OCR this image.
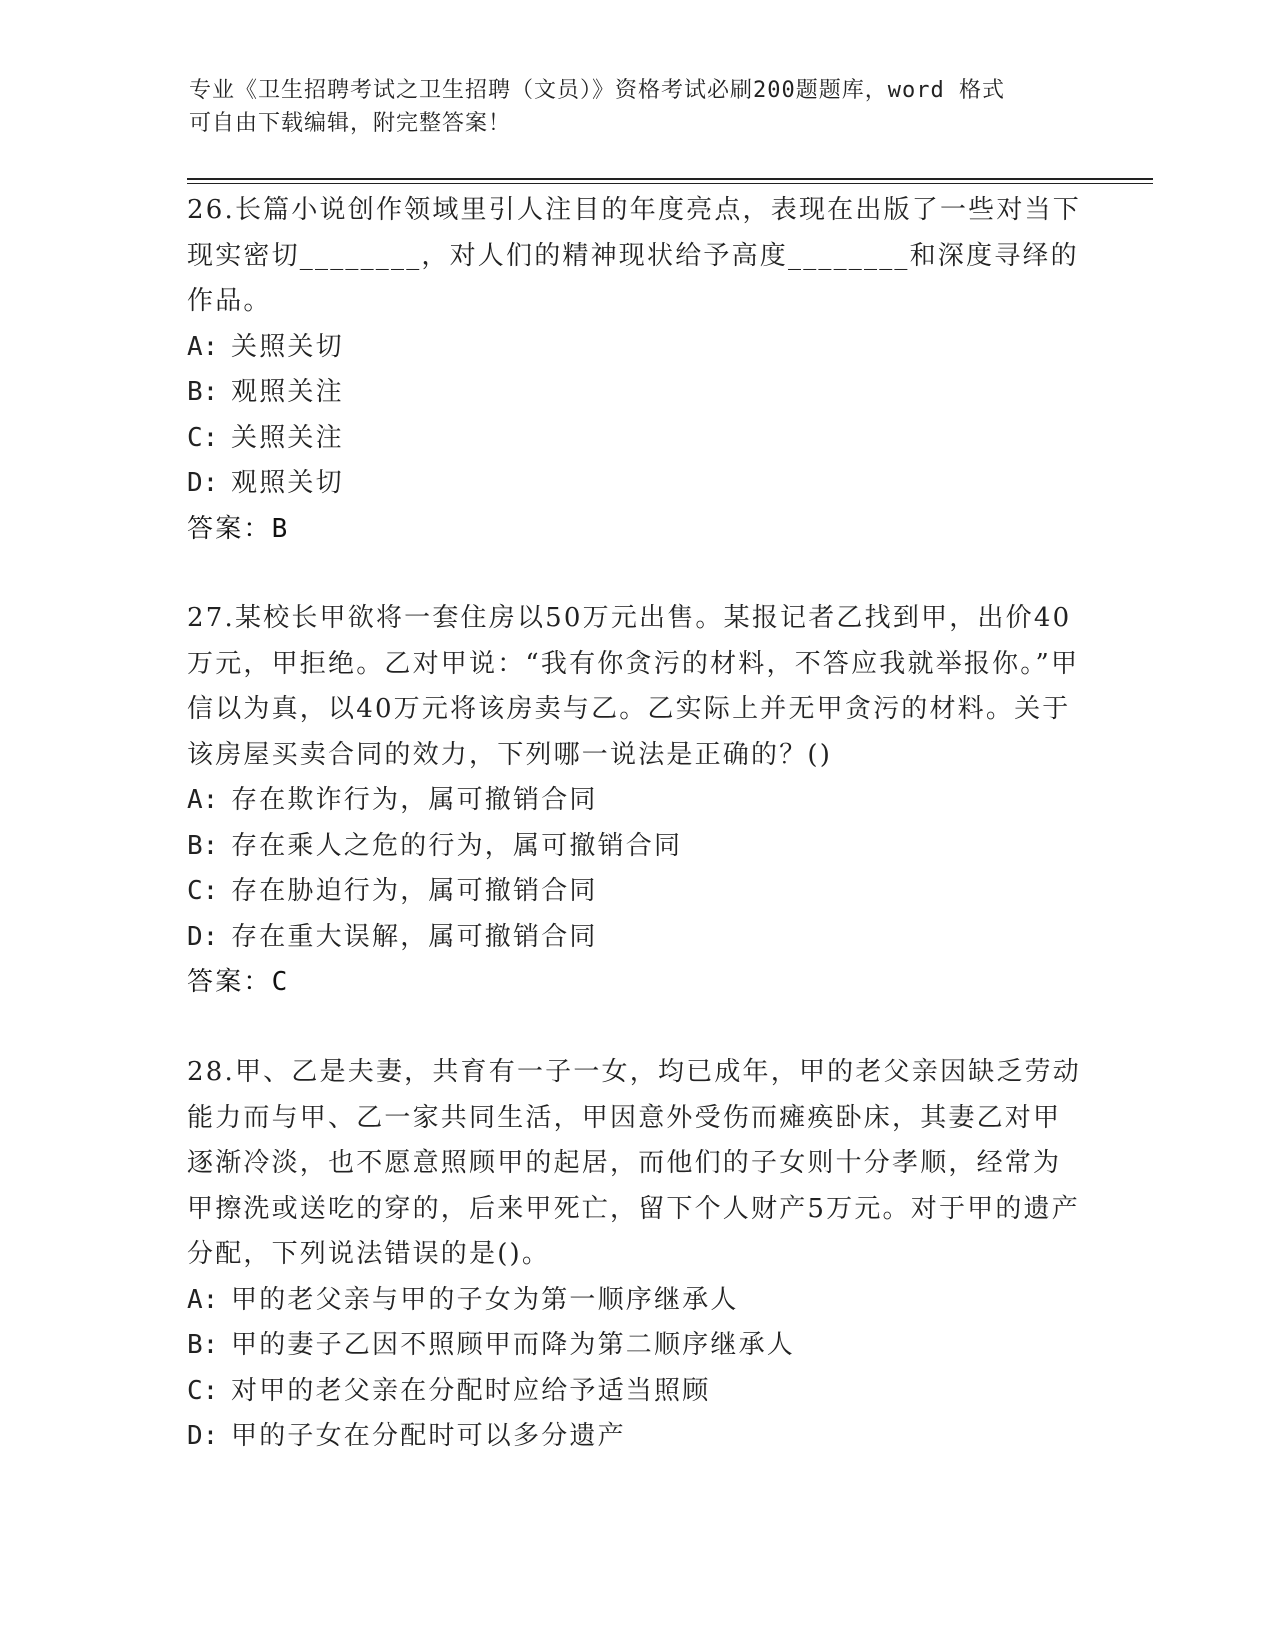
专业《卫生招聘考试之卫生招聘（文员）》资格考试必刷200题题库，word 格式
可自由下载编辑，附完整答案！

26.长篇小说创作领域里引人注目的年度亮点，表现在出版了一些对当下现实密切________，对人们的精神现状给予高度________和深度寻绎的作品。

A: 关照关切
B: 观照关注
C: 关照关注
D: 观照关切
答案：B

27.某校长甲欲将一套住房以50万元出售。某报记者乙找到甲，出价40万元，甲拒绝。乙对甲说：“我有你贪污的材料，不答应我就举报你。”甲信以为真，以40万元将该房卖与乙。乙实际上并无甲贪污的材料。关于该房屋买卖合同的效力，下列哪一说法是正确的？()

A: 存在欺诈行为，属可撤销合同
B: 存在乘人之危的行为，属可撤销合同
C: 存在胁迫行为，属可撤销合同
D: 存在重大误解，属可撤销合同
答案：C

28.甲、乙是夫妻，共育有一子一女，均已成年，甲的老父亲因缺乏劳动能力而与甲、乙一家共同生活，甲因意外受伤而瘫痪卧床，其妻乙对甲逐渐冷淡，也不愿意照顾甲的起居，而他们的子女则十分孝顺，经常为甲擦洗或送吃的穿的，后来甲死亡，留下个人财产5万元。对于甲的遗产分配，下列说法错误的是()。

A: 甲的老父亲与甲的子女为第一顺序继承人
B: 甲的妻子乙因不照顾甲而降为第二顺序继承人
C: 对甲的老父亲在分配时应给予适当照顾
D: 甲的子女在分配时可以多分遗产
